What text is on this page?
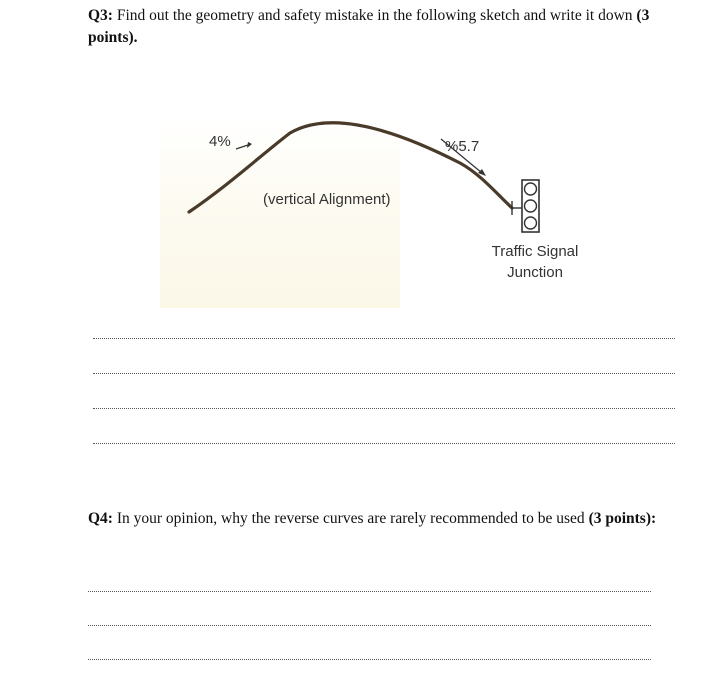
Q3: Find out the geometry and safety mistake in the following sketch and write it down (3 points).
4%	%5.7
(vertical Alignment)
Traffic Signal Junction
Q4: In your opinion, why the reverse curves are rarely recommended to be used (3 points):
